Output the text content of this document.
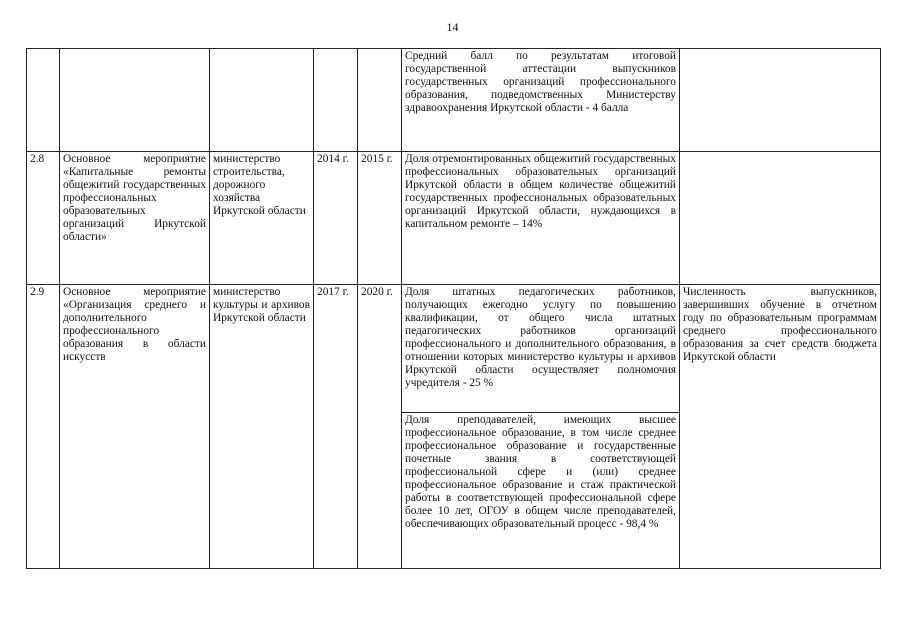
14
					Средний балл по результатам итоговой государственной аттестации выпускников государственных организаций профессионального образования, подведомственных Министерству здравоохранения Иркутской области - 4 балла	
2.8	Основное мероприятие «Капитальные ремонты общежитий государственных профессиональных образовательных организаций Иркутской области»	министерство строительства, дорожного хозяйства Иркутской области	2014 г.	2015 г.	Доля отремонтированных общежитий государственных профессиональных образовательных организаций Иркутской области в общем количестве общежитий государственных профессиональных образовательных организаций Иркутской области, нуждающихся в капитальном ремонте – 14%	
2.9	Основное мероприятие «Организация среднего и дополнительного профессионального образования в области искусств	министерство культуры и архивов Иркутской области	2017 г.	2020 г.	Доля штатных педагогических работников, получающих ежегодно услугу по повышению квалификации, от общего числа штатных педагогических работников организаций профессионального и дополнительного образования, в отношении которых министерство культуры и архивов Иркутской области осуществляет полномочия учредителя - 25 %	Численность выпускников, завершивших обучение в отчетном году по образовательным программам среднего профессионального образования за счет средств бюджета Иркутской области
					Доля преподавателей, имеющих высшее профессиональное образование, в том числе среднее профессиональное образование и государственные почетные звания в соответствующей профессиональной сфере и (или) среднее профессиональное образование и стаж практической работы в соответствующей профессиональной сфере более 10 лет, ОГОУ в общем числе преподавателей, обеспечивающих образовательный процесс - 98,4 %	
